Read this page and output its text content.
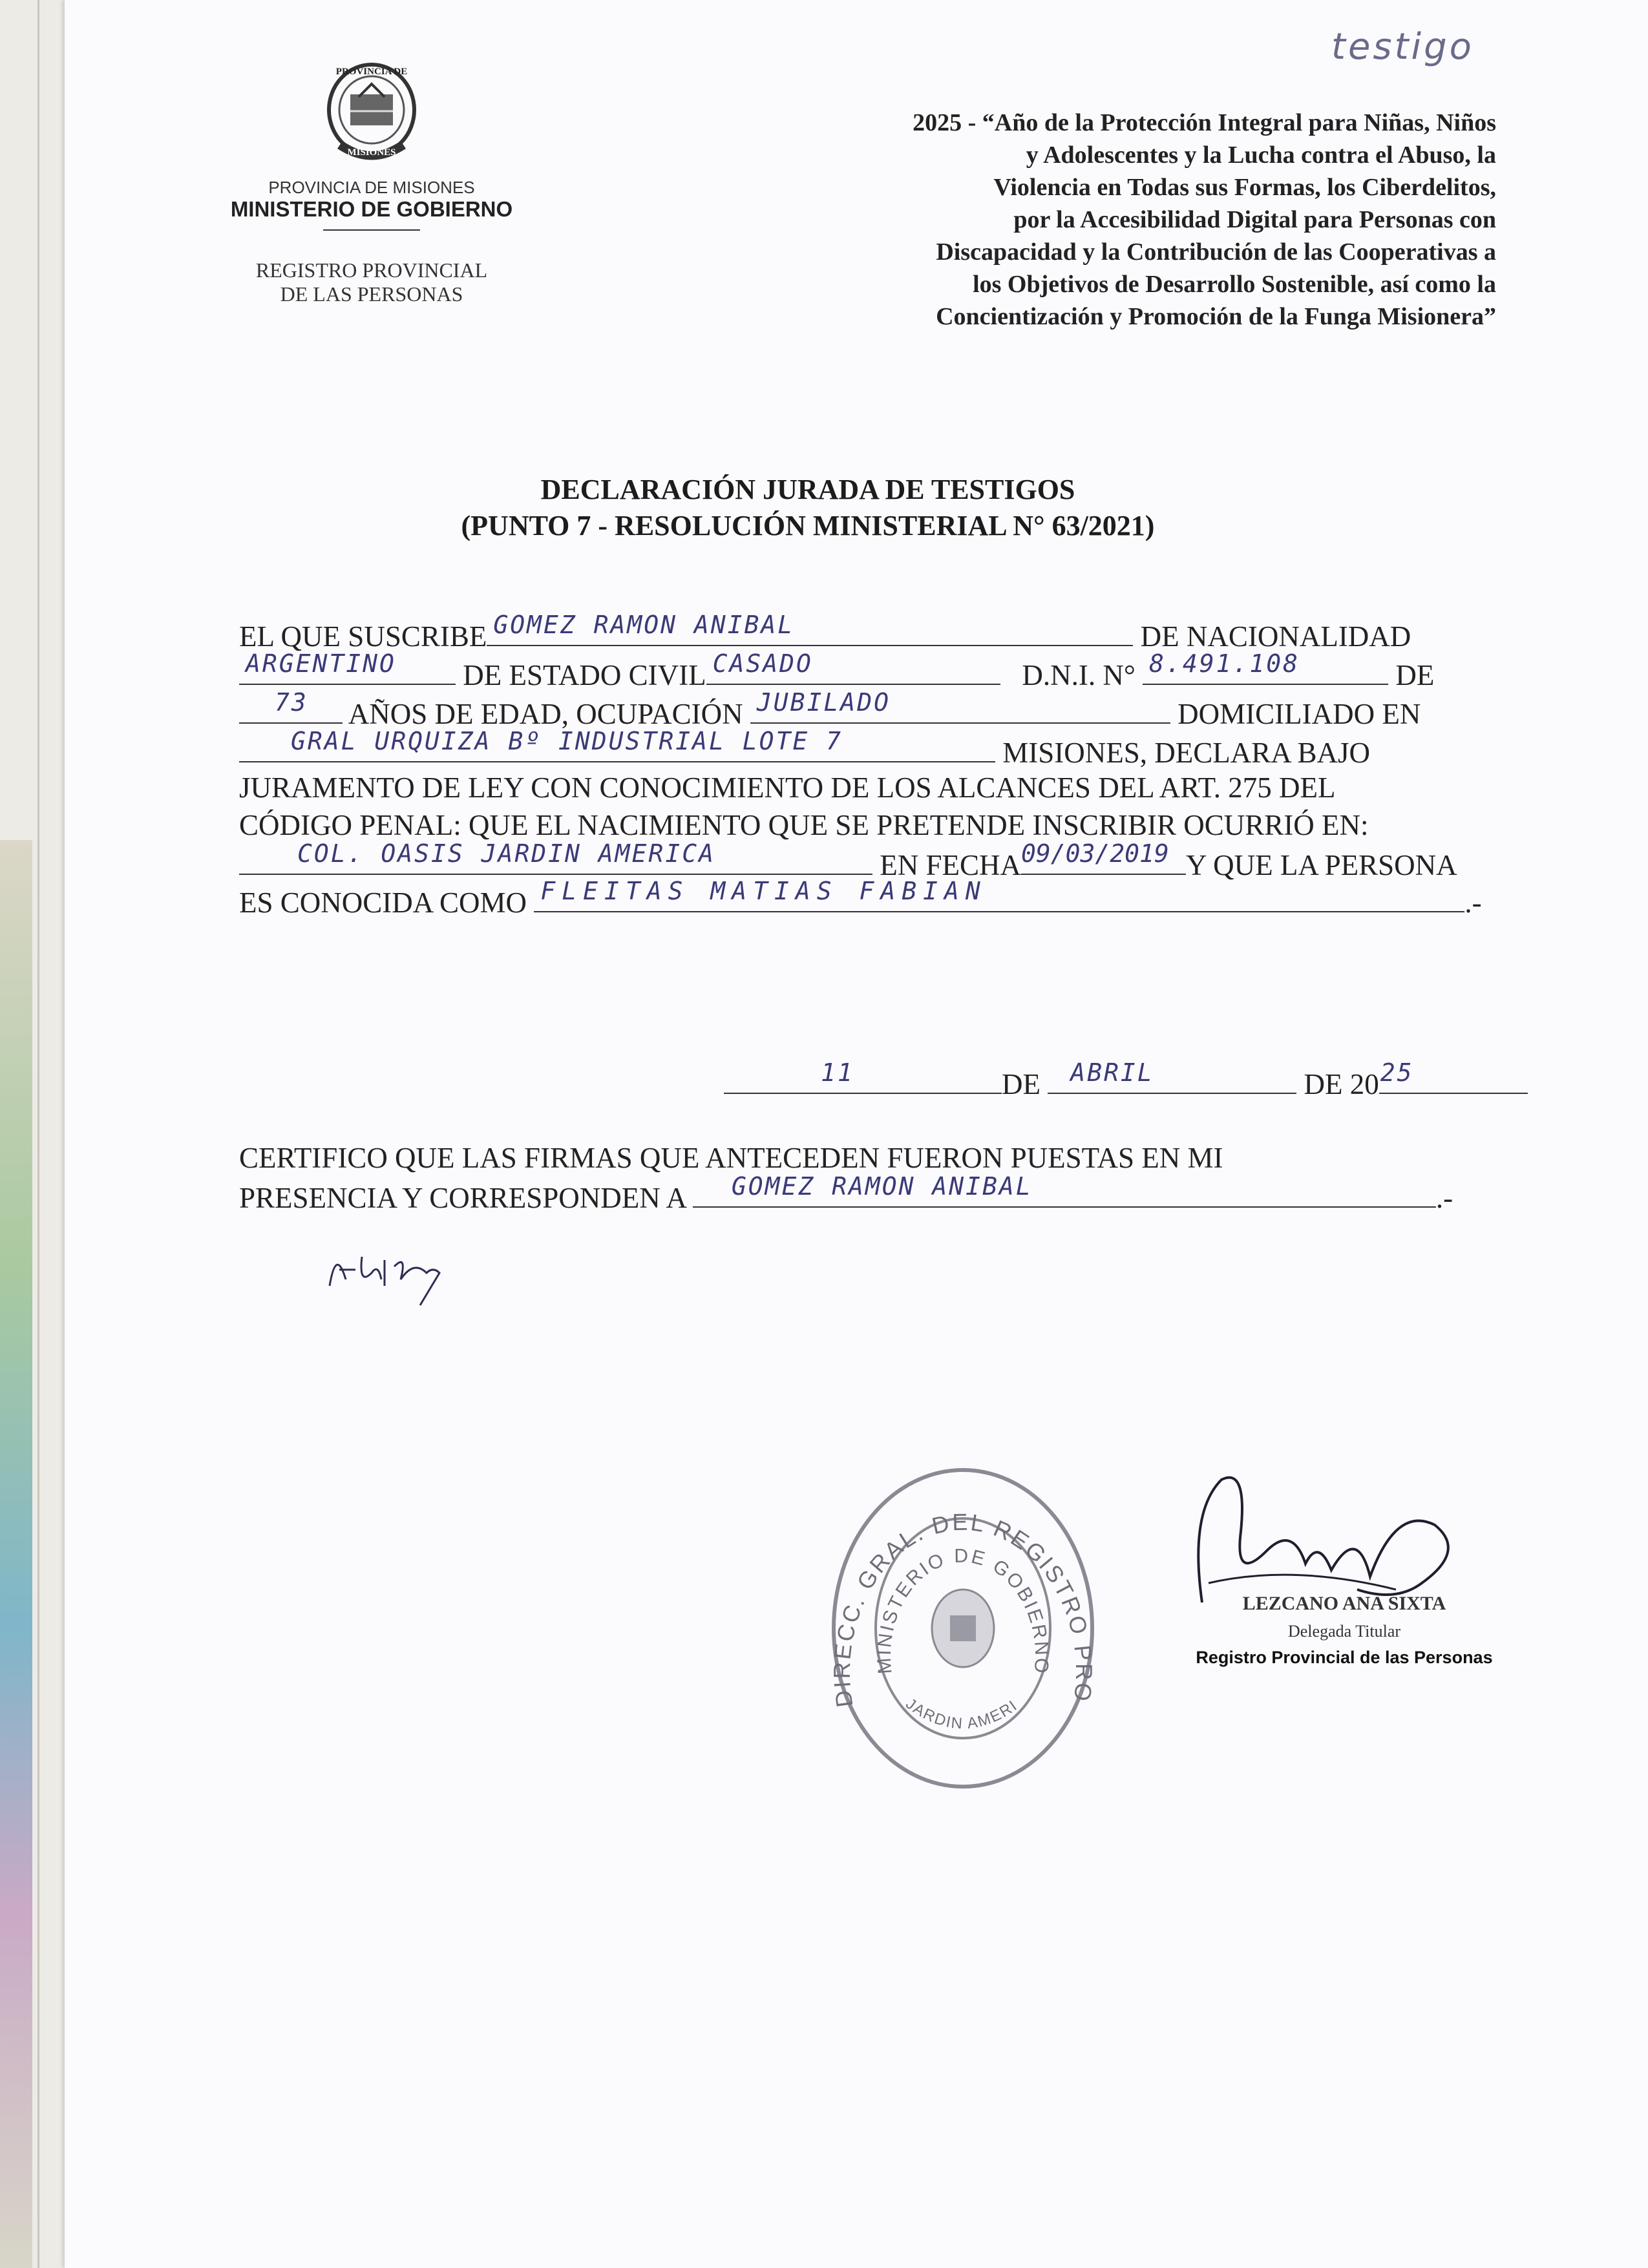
testigo
PROVINCIA DE
MISIONES
PROVINCIA DE MISIONES
MINISTERIO DE GOBIERNO
REGISTRO PROVINCIAL
DE LAS PERSONAS
2025 - “Año de la Protección Integral para Niñas, Niños
y Adolescentes y la Lucha contra el Abuso, la
Violencia en Todas sus Formas, los Ciberdelitos,
por la Accesibilidad Digital para Personas con
Discapacidad y la Contribución de las Cooperativas a
los Objetivos de Desarrollo Sostenible, así como la
Concientización y Promoción de la Funga Misionera”
DECLARACIÓN JURADA DE TESTIGOS
(PUNTO 7 - RESOLUCIÓN MINISTERIAL N° 63/2021)
EL QUE SUSCRIBE GOMEZ RAMON ANIBAL	DE NACIONALIDAD
ARGENTINO DE ESTADO CIVIL CASADO	D.N.I. N° 8.491.108	DE
73 AÑOS DE EDAD, OCUPACIÓN JUBILADO	DOMICILIADO EN
GRAL URQUIZA Bº INDUSTRIAL LOTE 7	MISIONES, DECLARA BAJO
JURAMENTO DE LEY CON CONOCIMIENTO DE LOS ALCANCES DEL ART. 275 DEL
CÓDIGO PENAL: QUE EL NACIMIENTO QUE SE PRETENDE INSCRIBIR OCURRIÓ EN:
COL. OASIS JARDIN AMERICA	EN FECHA 09/03/2019 Y QUE LA PERSONA
ES CONOCIDA COMO FLEITAS MATIAS FABIAN	.-
11	DE ABRIL	DE 20 25
CERTIFICO QUE LAS FIRMAS QUE ANTECEDEN FUERON PUESTAS EN MI
PRESENCIA Y CORRESPONDEN A GOMEZ RAMON ANIBAL	.-
DIRECC. GRAL. DEL REGISTRO PRO
MINISTERIO DE GOBIERNO
JARDIN AMERI
LEZCANO ANA SIXTA
Delegada Titular
Registro Provincial de las Personas
